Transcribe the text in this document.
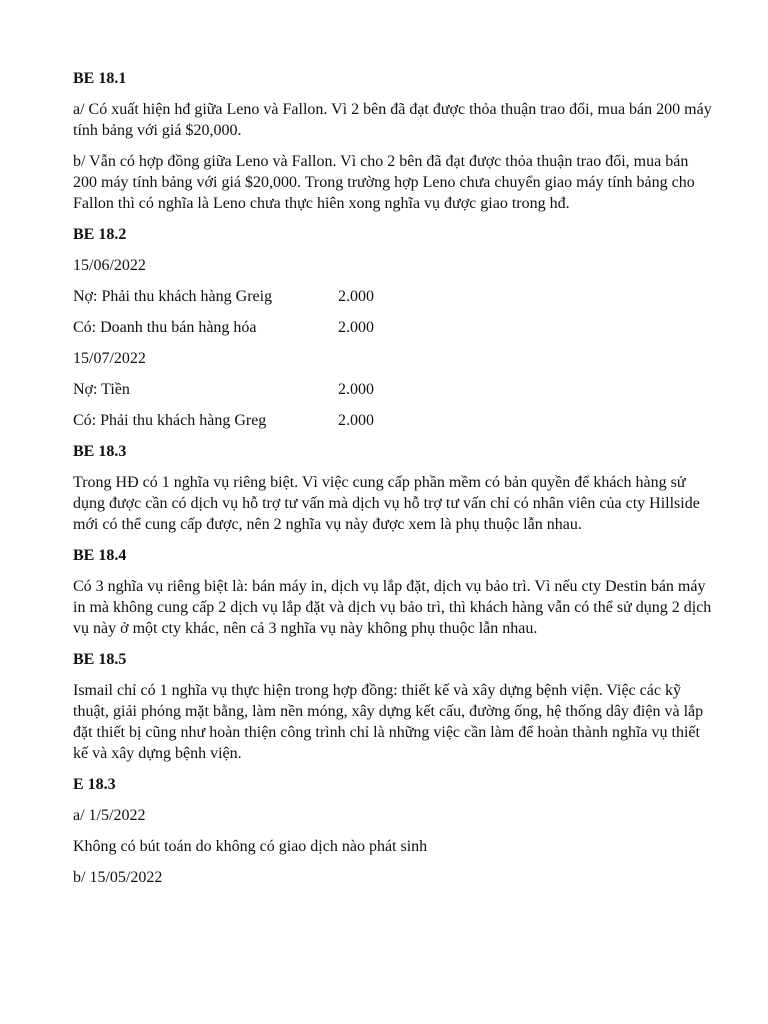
BE 18.1
a/ Có xuất hiện hđ giữa Leno và Fallon. Vì 2 bên đã đạt được thỏa thuận trao đổi, mua bán 200 máy tính bảng với giá $20,000.
b/ Vẫn có hợp đồng giữa Leno và Fallon. Vì cho 2 bên đã đạt được thỏa thuận trao đổi, mua bán 200 máy tính bảng với giá $20,000. Trong trường hợp Leno chưa chuyển giao máy tính bảng cho Fallon thì có nghĩa là Leno chưa thực hiên xong nghĩa vụ được giao trong hđ.
BE 18.2
15/06/2022
Nợ: Phải thu khách hàng Greig	2.000
Có: Doanh thu bán hàng hóa	2.000
15/07/2022
Nợ: Tiền	2.000
Có: Phải thu khách hàng Greg	2.000
BE 18.3
Trong HĐ có 1 nghĩa vụ riêng biệt. Vì việc cung cấp phần mềm có bản quyền để khách hàng sử dụng được cần có dịch vụ hỗ trợ tư vấn mà dịch vụ hỗ trợ tư vấn chỉ có nhân viên của cty Hillside mới có thể cung cấp được, nên 2 nghĩa vụ này được xem là phụ thuộc lẫn nhau.
BE 18.4
Có 3 nghĩa vụ riêng biệt là: bán máy in, dịch vụ lắp đặt, dịch vụ bảo trì. Vì nếu cty Destin bán máy in mà không cung cấp 2 dịch vụ lắp đặt và dịch vụ bảo trì, thì khách hàng vẫn có thể sử dụng 2 dịch vụ này ở một cty khác, nên cả 3 nghĩa vụ này không phụ thuộc lẫn nhau.
BE 18.5
Ismail chỉ có 1 nghĩa vụ thực hiện trong hợp đồng: thiết kế và xây dựng bệnh viện. Việc các kỹ thuật, giải phóng mặt bằng, làm nền móng, xây dựng kết cấu, đường ống, hệ thống dây điện và lắp đặt thiết bị cũng như hoàn thiện công trình chỉ là những việc cần làm để hoàn thành nghĩa vụ thiết kế và xây dựng bệnh viện.
E 18.3
a/ 1/5/2022
Không có bút toán do không có giao dịch nào phát sinh
b/ 15/05/2022
